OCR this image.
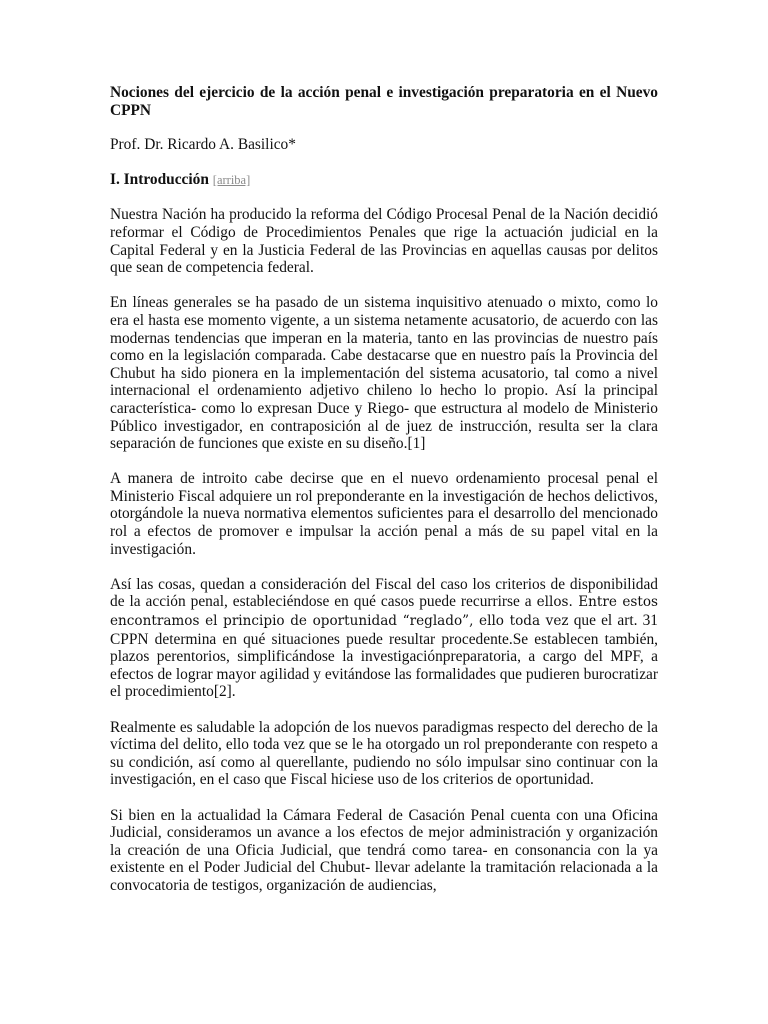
Nociones del ejercicio de la acción penal e investigación preparatoria en el Nuevo CPPN
Prof. Dr. Ricardo A. Basilico*
I. Introducción [arriba]

Nuestra Nación ha producido la reforma del Código Procesal Penal de la Nación decidió reformar el Código de Procedimientos Penales que rige la actuación judicial en la Capital Federal y en la Justicia Federal de las Provincias en aquellas causas por delitos que sean de competencia federal.

En líneas generales se ha pasado de un sistema inquisitivo atenuado o mixto, como lo era el hasta ese momento vigente, a un sistema netamente acusatorio, de acuerdo con las modernas tendencias que imperan en la materia, tanto en las provincias de nuestro país como en la legislación comparada. Cabe destacarse que en nuestro país la Provincia del Chubut ha sido pionera en la implementación del sistema acusatorio, tal como a nivel internacional el ordenamiento adjetivo chileno lo hecho lo propio. Así la principal característica- como lo expresan Duce y Riego- que estructura al modelo de Ministerio Público investigador, en contraposición al de juez de instrucción, resulta ser la clara separación de funciones que existe en su diseño.[1]

A manera de introito cabe decirse que en el nuevo ordenamiento procesal penal el Ministerio Fiscal adquiere un rol preponderante en la investigación de hechos delictivos, otorgándole la nueva normativa elementos suficientes para el desarrollo del mencionado rol a efectos de promover e impulsar la acción penal a más de su papel vital en la investigación.

Así las cosas, quedan a consideración del Fiscal del caso los criterios de disponibilidad de la acción penal, estableciéndose en qué casos puede recurrirse a ellos. Entre estos encontramos el principio de oportunidad “reglado”, ello toda vez que el art. 31 CPPN determina en qué situaciones puede resultar procedente.Se establecen también, plazos perentorios, simplificándose la investigaciónpreparatoria, a cargo del MPF, a efectos de lograr mayor agilidad y evitándose las formalidades que pudieren burocratizar el procedimiento[2].

Realmente es saludable la adopción de los nuevos paradigmas respecto del derecho de la víctima del delito, ello toda vez que se le ha otorgado un rol preponderante con respeto a su condición, así como al querellante, pudiendo no sólo impulsar sino continuar con la investigación, en el caso que Fiscal hiciese uso de los criterios de oportunidad.

Si bien en la actualidad la Cámara Federal de Casación Penal cuenta con una Oficina Judicial, consideramos un avance a los efectos de mejor administración y organización la creación de una Oficia Judicial, que tendrá como tarea- en consonancia con la ya existente en el Poder Judicial del Chubut- llevar adelante la tramitación relacionada a la convocatoria de testigos, organización de audiencias,
